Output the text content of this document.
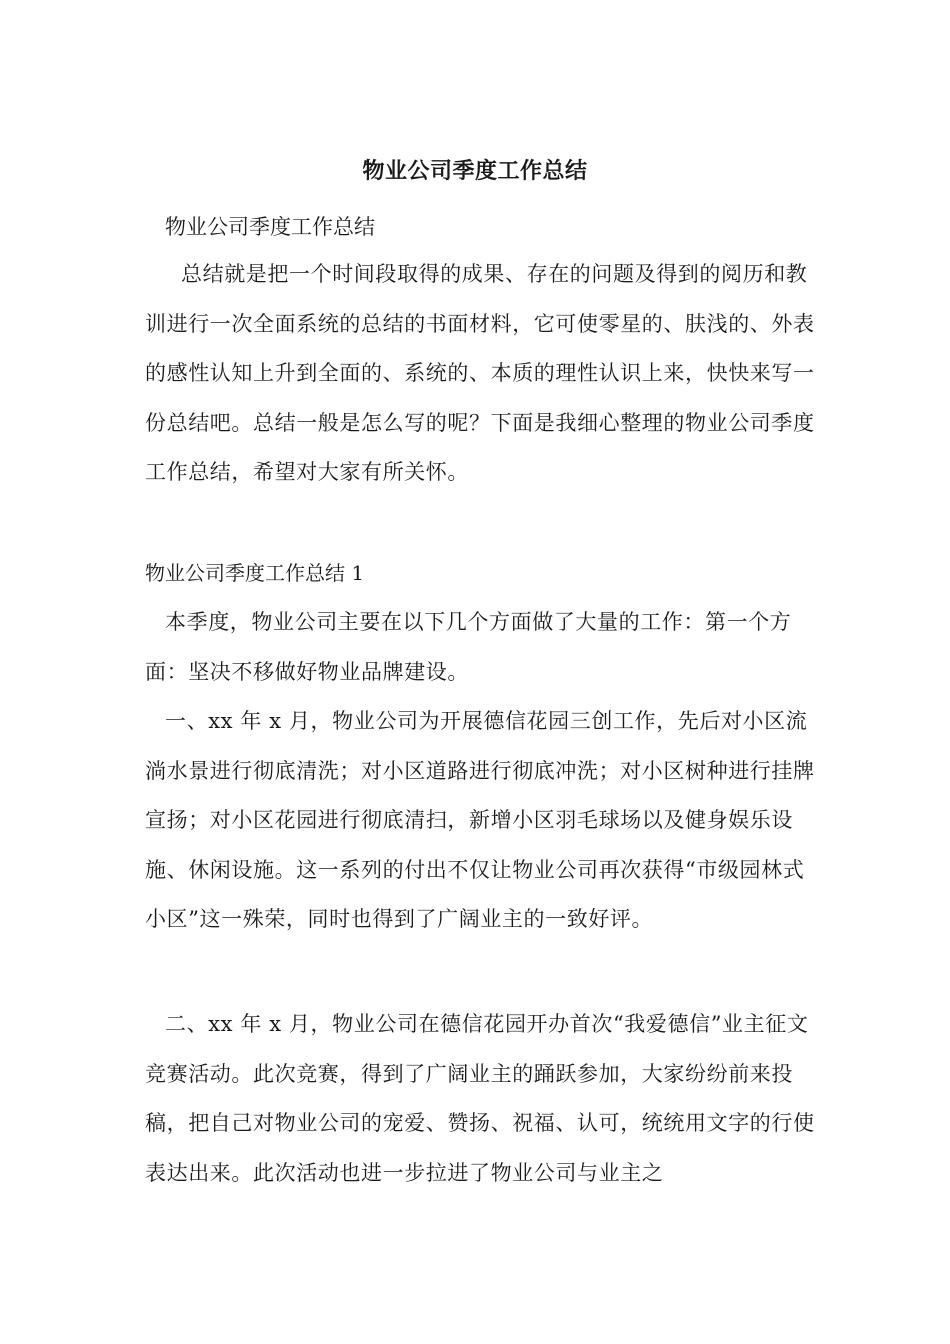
物业公司季度工作总结

物业公司季度工作总结

总结就是把一个时间段取得的成果、存在的问题及得到的阅历和教训进行一次全面系统的总结的书面材料，它可使零星的、肤浅的、外表的感性认知上升到全面的、系统的、本质的理性认识上来，快快来写一份总结吧。总结一般是怎么写的呢？下面是我细心整理的物业公司季度工作总结，希望对大家有所关怀。

物业公司季度工作总结 1

本季度，物业公司主要在以下几个方面做了大量的工作：第一个方面：坚决不移做好物业品牌建设。

一、xx 年 x 月，物业公司为开展德信花园三创工作，先后对小区流淌水景进行彻底清洗；对小区道路进行彻底冲洗；对小区树种进行挂牌宣扬；对小区花园进行彻底清扫，新增小区羽毛球场以及健身娱乐设施、休闲设施。这一系列的付出不仅让物业公司再次获得“市级园林式小区”这一殊荣，同时也得到了广阔业主的一致好评。

二、xx 年 x 月，物业公司在德信花园开办首次“我爱德信”业主征文竞赛活动。此次竞赛，得到了广阔业主的踊跃参加，大家纷纷前来投稿，把自己对物业公司的宠爱、赞扬、祝福、认可，统统用文字的行使表达出来。此次活动也进一步拉进了物业公司与业主之
